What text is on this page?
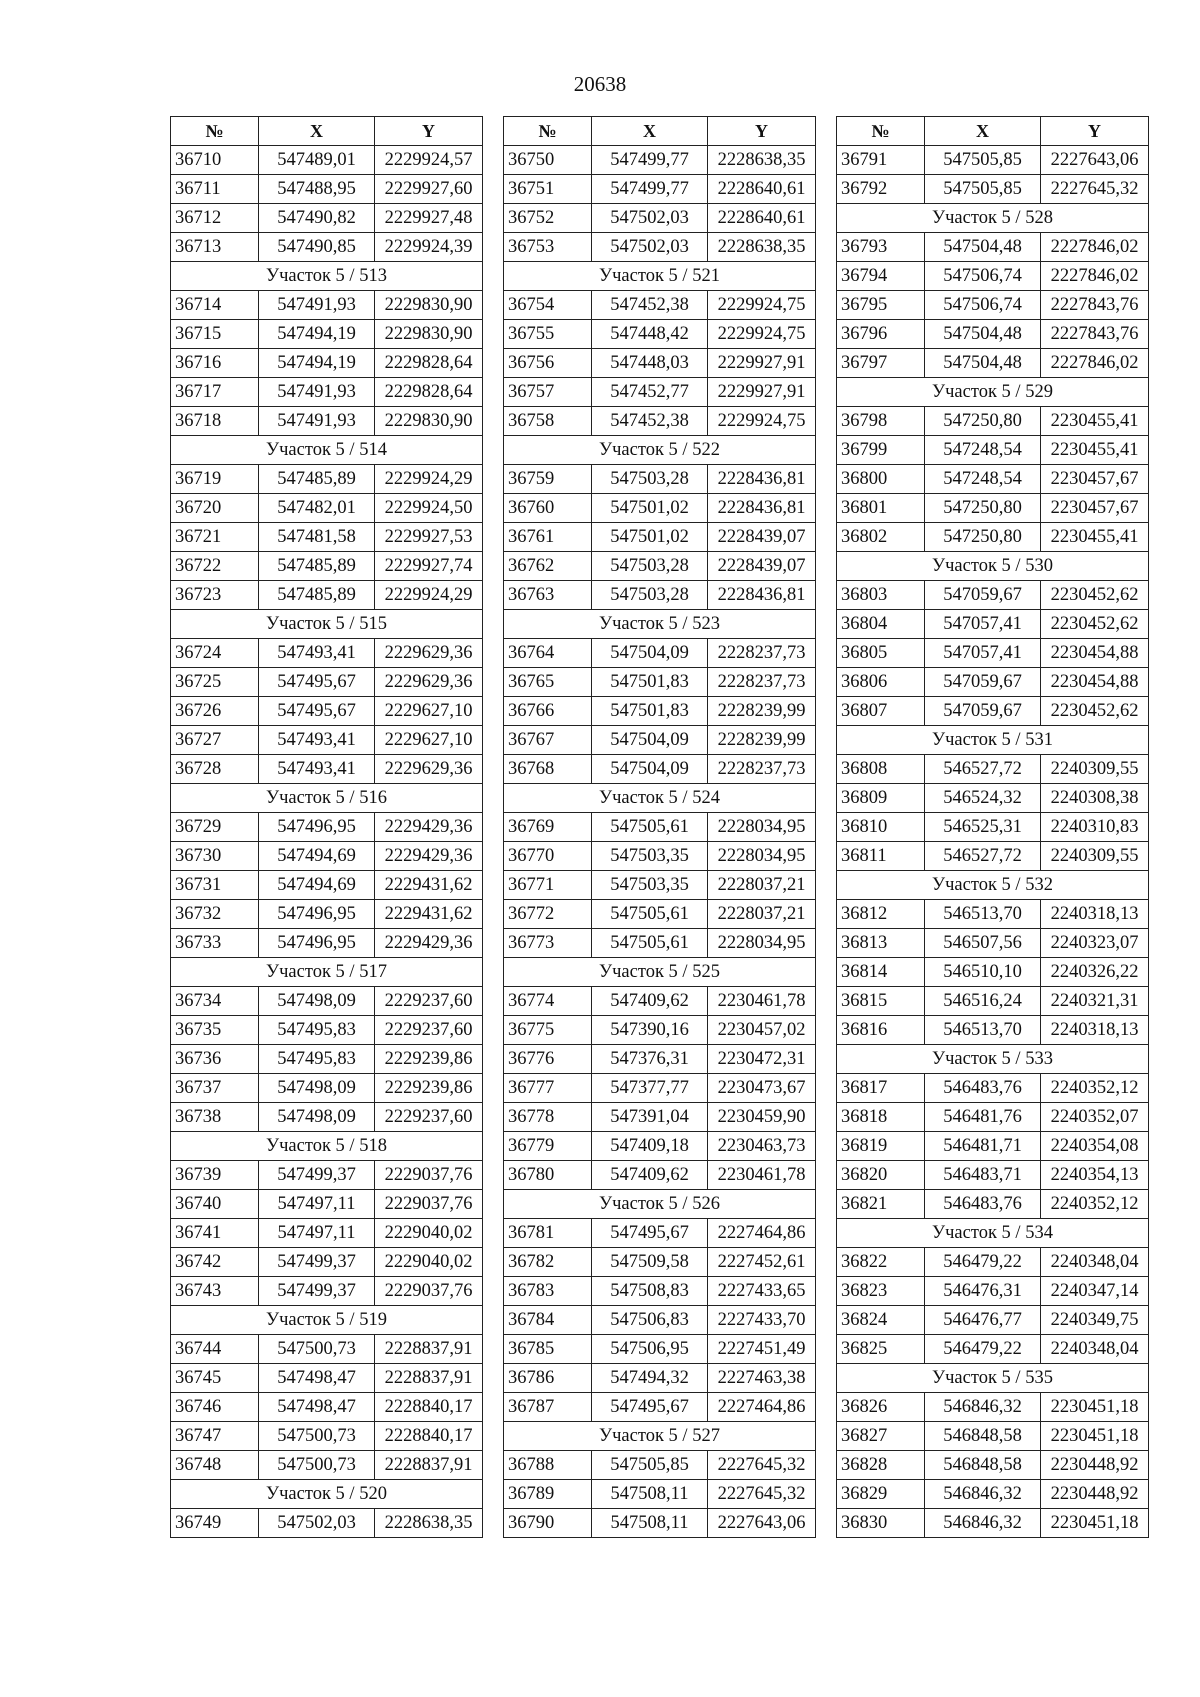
20638
№	X	Y
36710	547489,01	2229924,57
36711	547488,95	2229927,60
36712	547490,82	2229927,48
36713	547490,85	2229924,39
Участок 5 / 513		
36714	547491,93	2229830,90
36715	547494,19	2229830,90
36716	547494,19	2229828,64
36717	547491,93	2229828,64
36718	547491,93	2229830,90
Участок 5 / 514		
36719	547485,89	2229924,29
36720	547482,01	2229924,50
36721	547481,58	2229927,53
36722	547485,89	2229927,74
36723	547485,89	2229924,29
Участок 5 / 515		
36724	547493,41	2229629,36
36725	547495,67	2229629,36
36726	547495,67	2229627,10
36727	547493,41	2229627,10
36728	547493,41	2229629,36
Участок 5 / 516		
36729	547496,95	2229429,36
36730	547494,69	2229429,36
36731	547494,69	2229431,62
36732	547496,95	2229431,62
36733	547496,95	2229429,36
Участок 5 / 517		
36734	547498,09	2229237,60
36735	547495,83	2229237,60
36736	547495,83	2229239,86
36737	547498,09	2229239,86
36738	547498,09	2229237,60
Участок 5 / 518		
36739	547499,37	2229037,76
36740	547497,11	2229037,76
36741	547497,11	2229040,02
36742	547499,37	2229040,02
36743	547499,37	2229037,76
Участок 5 / 519		
36744	547500,73	2228837,91
36745	547498,47	2228837,91
36746	547498,47	2228840,17
36747	547500,73	2228840,17
36748	547500,73	2228837,91
Участок 5 / 520		
36749	547502,03	2228638,35
№	X	Y
36750	547499,77	2228638,35
36751	547499,77	2228640,61
36752	547502,03	2228640,61
36753	547502,03	2228638,35
Участок 5 / 521		
36754	547452,38	2229924,75
36755	547448,42	2229924,75
36756	547448,03	2229927,91
36757	547452,77	2229927,91
36758	547452,38	2229924,75
Участок 5 / 522		
36759	547503,28	2228436,81
36760	547501,02	2228436,81
36761	547501,02	2228439,07
36762	547503,28	2228439,07
36763	547503,28	2228436,81
Участок 5 / 523		
36764	547504,09	2228237,73
36765	547501,83	2228237,73
36766	547501,83	2228239,99
36767	547504,09	2228239,99
36768	547504,09	2228237,73
Участок 5 / 524		
36769	547505,61	2228034,95
36770	547503,35	2228034,95
36771	547503,35	2228037,21
36772	547505,61	2228037,21
36773	547505,61	2228034,95
Участок 5 / 525		
36774	547409,62	2230461,78
36775	547390,16	2230457,02
36776	547376,31	2230472,31
36777	547377,77	2230473,67
36778	547391,04	2230459,90
36779	547409,18	2230463,73
36780	547409,62	2230461,78
Участок 5 / 526		
36781	547495,67	2227464,86
36782	547509,58	2227452,61
36783	547508,83	2227433,65
36784	547506,83	2227433,70
36785	547506,95	2227451,49
36786	547494,32	2227463,38
36787	547495,67	2227464,86
Участок 5 / 527		
36788	547505,85	2227645,32
36789	547508,11	2227645,32
36790	547508,11	2227643,06
№	X	Y
36791	547505,85	2227643,06
36792	547505,85	2227645,32
Участок 5 / 528		
36793	547504,48	2227846,02
36794	547506,74	2227846,02
36795	547506,74	2227843,76
36796	547504,48	2227843,76
36797	547504,48	2227846,02
Участок 5 / 529		
36798	547250,80	2230455,41
36799	547248,54	2230455,41
36800	547248,54	2230457,67
36801	547250,80	2230457,67
36802	547250,80	2230455,41
Участок 5 / 530		
36803	547059,67	2230452,62
36804	547057,41	2230452,62
36805	547057,41	2230454,88
36806	547059,67	2230454,88
36807	547059,67	2230452,62
Участок 5 / 531		
36808	546527,72	2240309,55
36809	546524,32	2240308,38
36810	546525,31	2240310,83
36811	546527,72	2240309,55
Участок 5 / 532		
36812	546513,70	2240318,13
36813	546507,56	2240323,07
36814	546510,10	2240326,22
36815	546516,24	2240321,31
36816	546513,70	2240318,13
Участок 5 / 533		
36817	546483,76	2240352,12
36818	546481,76	2240352,07
36819	546481,71	2240354,08
36820	546483,71	2240354,13
36821	546483,76	2240352,12
Участок 5 / 534		
36822	546479,22	2240348,04
36823	546476,31	2240347,14
36824	546476,77	2240349,75
36825	546479,22	2240348,04
Участок 5 / 535		
36826	546846,32	2230451,18
36827	546848,58	2230451,18
36828	546848,58	2230448,92
36829	546846,32	2230448,92
36830	546846,32	2230451,18
